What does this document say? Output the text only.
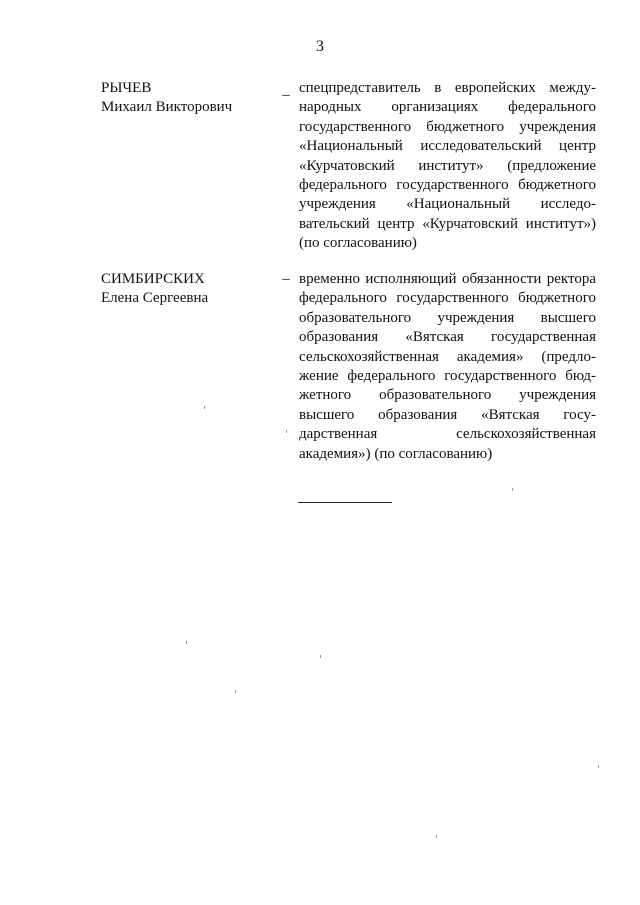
3
РЫЧЕВ
Михаил Викторович
_ спецпредставитель в европейских международных организациях федерального государственного бюджетного учреждения «Национальный исследовательский центр «Курчатовский институт» (предложение федерального государственного бюджетного учреждения «Национальный исследовательский центр «Курчатовский институт») (по согласованию)
СИМБИРСКИХ
Елена Сергеевна
– временно исполняющий обязанности ректора федерального государственного бюджетного образовательного учреждения высшего образования «Вятская государственная сельскохозяйственная академия» (предложение федерального государственного бюджетного образовательного учреждения высшего образования «Вятская государственная сельскохозяйственная академия») (по согласованию)
